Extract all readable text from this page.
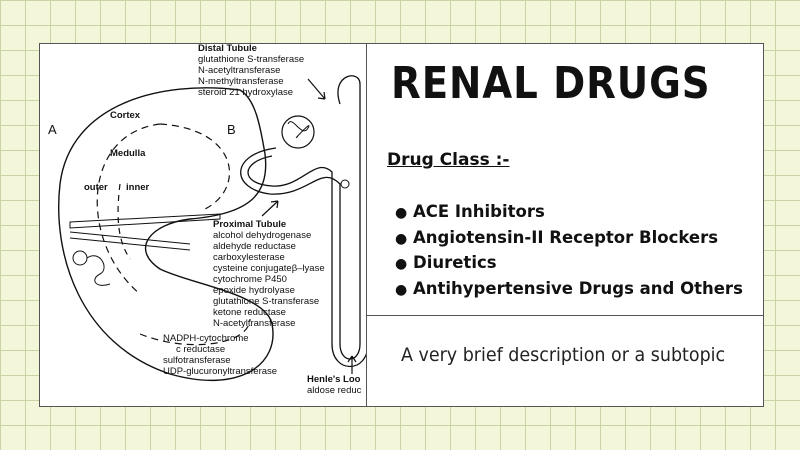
A	B
Cortex
Medulla
outer inner
Distal Tubule
glutathione S-transferase
N-acetyltransferase
N-methyltransferase
steroid 21 hydroxylase
Proximal Tubule
alcohol dehydrogenase
aldehyde reductase
carboxylesterase
cysteine conjugateβ–lyase
cytochrome P450
epoxide hydrolyase
glutathione S-transferase
ketone reductase
N-acetyltransferase
NADPH-cytochrome
c reductase
sulfotransferase
UDP-glucuronyltransferase
Henle's Loo
aldose reduc
RENAL DRUGS
Drug Class :-
● ACE Inhibitors
● Angiotensin-II Receptor Blockers
● Diuretics
● Antihypertensive Drugs and Others
A very brief description or a subtopic
